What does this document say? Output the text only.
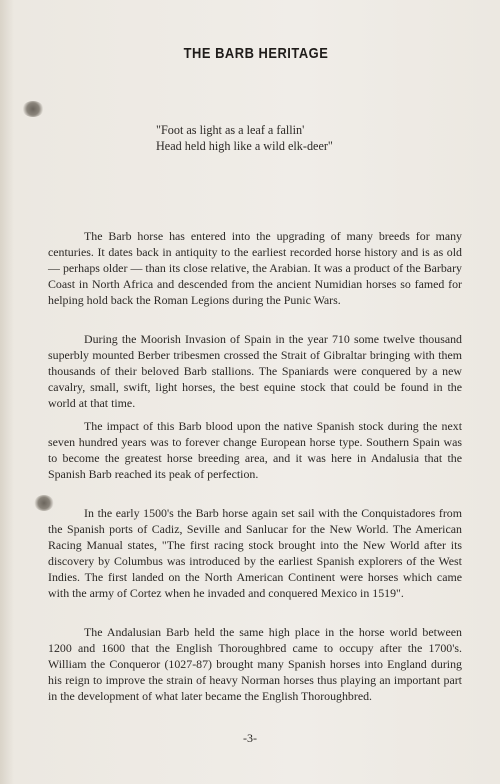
THE BARB HERITAGE
"Foot as light as a leaf a fallin'
Head held high like a wild elk-deer"

The Barb horse has entered into the upgrading of many breeds for many centuries. It dates back in antiquity to the earliest recorded horse history and is as old — perhaps older — than its close relative, the Arabian. It was a product of the Barbary Coast in North Africa and descended from the ancient Numidian horses so famed for helping hold back the Roman Legions during the Punic Wars.

During the Moorish Invasion of Spain in the year 710 some twelve thousand superbly mounted Berber tribesmen crossed the Strait of Gibraltar bringing with them thousands of their beloved Barb stallions. The Spaniards were conquered by a new cavalry, small, swift, light horses, the best equine stock that could be found in the world at that time.

The impact of this Barb blood upon the native Spanish stock during the next seven hundred years was to forever change European horse type. Southern Spain was to become the greatest horse breeding area, and it was here in Andalusia that the Spanish Barb reached its peak of perfection.

In the early 1500's the Barb horse again set sail with the Conquistadores from the Spanish ports of Cadiz, Seville and Sanlucar for the New World. The American Racing Manual states, "The first racing stock brought into the New World after its discovery by Columbus was introduced by the earliest Spanish explorers of the West Indies. The first landed on the North American Continent were horses which came with the army of Cortez when he invaded and conquered Mexico in 1519".

The Andalusian Barb held the same high place in the horse world between 1200 and 1600 that the English Thoroughbred came to occupy after the 1700's. William the Conqueror (1027-87) brought many Spanish horses into England during his reign to improve the strain of heavy Norman horses thus playing an important part in the development of what later became the English Thoroughbred.

-3-
